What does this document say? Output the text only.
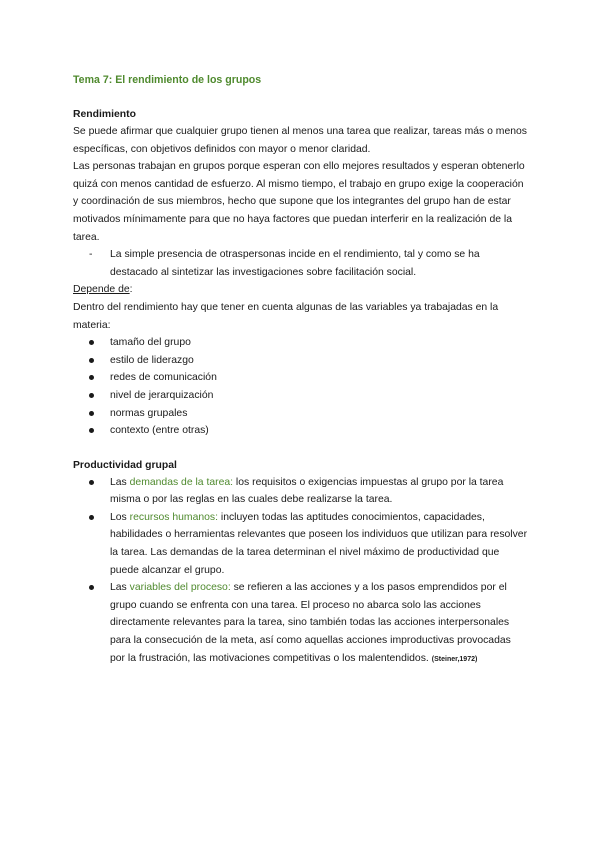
Tema 7: El rendimiento de los grupos
Rendimiento

Se puede afirmar que cualquier grupo tienen al menos una tarea que realizar, tareas más o menos específicas, con objetivos definidos con mayor o menor claridad.

Las personas trabajan en grupos porque esperan con ello mejores resultados y esperan obtenerlo quizá con menos cantidad de esfuerzo. Al mismo tiempo, el trabajo en grupo exige la cooperación y coordinación de sus miembros, hecho que supone que los integrantes del grupo han de estar motivados mínimamente para que no haya factores que puedan interferir en la realización de la tarea.

- La simple presencia de otraspersonas incide en el rendimiento, tal y como se ha destacado al sintetizar las investigaciones sobre facilitación social.

Depende de:

Dentro del rendimiento hay que tener en cuenta algunas de las variables ya trabajadas en la materia:

tamaño del grupo
estilo de liderazgo
redes de comunicación
nivel de jerarquización
normas grupales
contexto (entre otras)
Productividad grupal
Las demandas de la tarea: los requisitos o exigencias impuestas al grupo por la tarea misma o por las reglas en las cuales debe realizarse la tarea.
Los recursos humanos: incluyen todas las aptitudes conocimientos, capacidades, habilidades o herramientas relevantes que poseen los individuos que utilizan para resolver la tarea. Las demandas de la tarea determinan el nivel máximo de productividad que puede alcanzar el grupo.
Las variables del proceso: se refieren a las acciones y a los pasos emprendidos por el grupo cuando se enfrenta con una tarea. El proceso no abarca solo las acciones directamente relevantes para la tarea, sino también todas las acciones interpersonales para la consecución de la meta, así como aquellas acciones improductivas provocadas por la frustración, las motivaciones competitivas o los malentendidos. (Steiner,1972)
